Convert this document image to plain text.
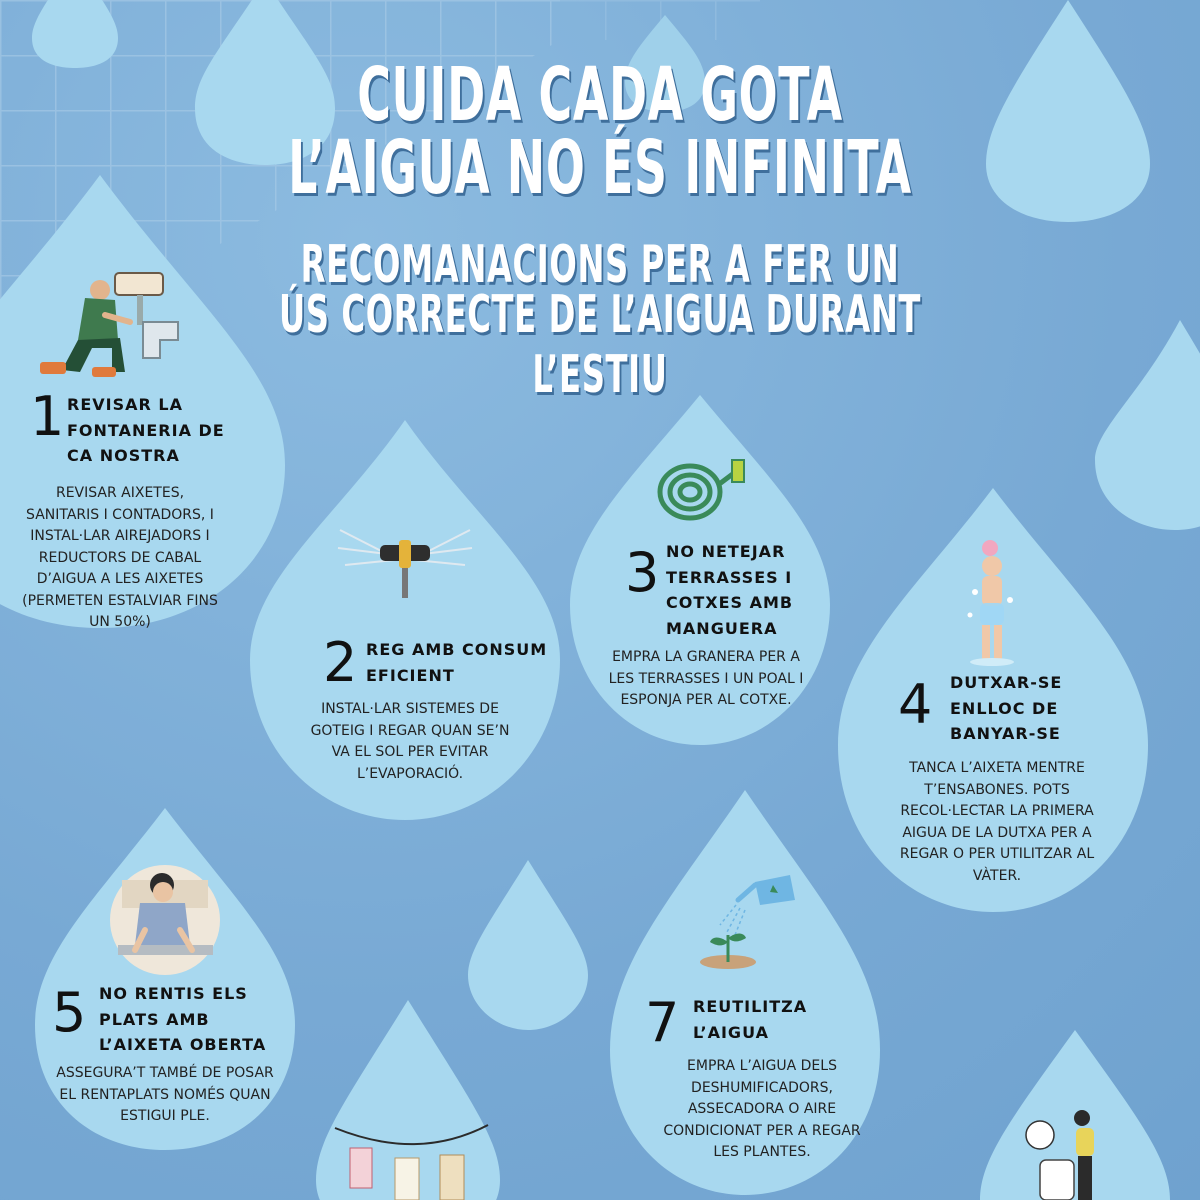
CUIDA CADA GOTA
L’AIGUA NO ÉS INFINITA
RECOMANACIONS PER A FER UN
ÚS CORRECTE DE L’AIGUA DURANT L’ESTIU
1 REVISAR LA
FONTANERIA DE
CA NOSTRA
REVISAR AIXETES,
SANITARIS I CONTADORS, I
INSTAL·LAR AIREJADORS I
REDUCTORS DE CABAL
D’AIGUA A LES AIXETES
(PERMETEN ESTALVIAR FINS
UN 50%)
2 REG AMB CONSUM
EFICIENT
INSTAL·LAR SISTEMES DE
GOTEIG I REGAR QUAN SE’N
VA EL SOL PER EVITAR
L’EVAPORACIÓ.
3 NO NETEJAR
TERRASSES I
COTXES AMB
MANGUERA
EMPRA LA GRANERA PER A
LES TERRASSES I UN POAL I
ESPONJA PER AL COTXE.	4 DUTXAR-SE
ENLLOC DE
BANYAR-SE
TANCA L’AIXETA MENTRE
T’ENSABONES. POTS
RECOL·LECTAR LA PRIMERA
AIGUA DE LA DUTXA PER A
REGAR O PER UTILITZAR AL
VÀTER.
5 NO RENTIS ELS
PLATS AMB
L’AIXETA OBERTA
ASSEGURA’T TAMBÉ DE POSAR
EL RENTAPLATS NOMÉS QUAN
ESTIGUI PLE.
7 REUTILITZA
L’AIGUA
EMPRA L’AIGUA DELS
DESHUMIFICADORS,
ASSECADORA O AIRE
CONDICIONAT PER A REGAR
LES PLANTES.
